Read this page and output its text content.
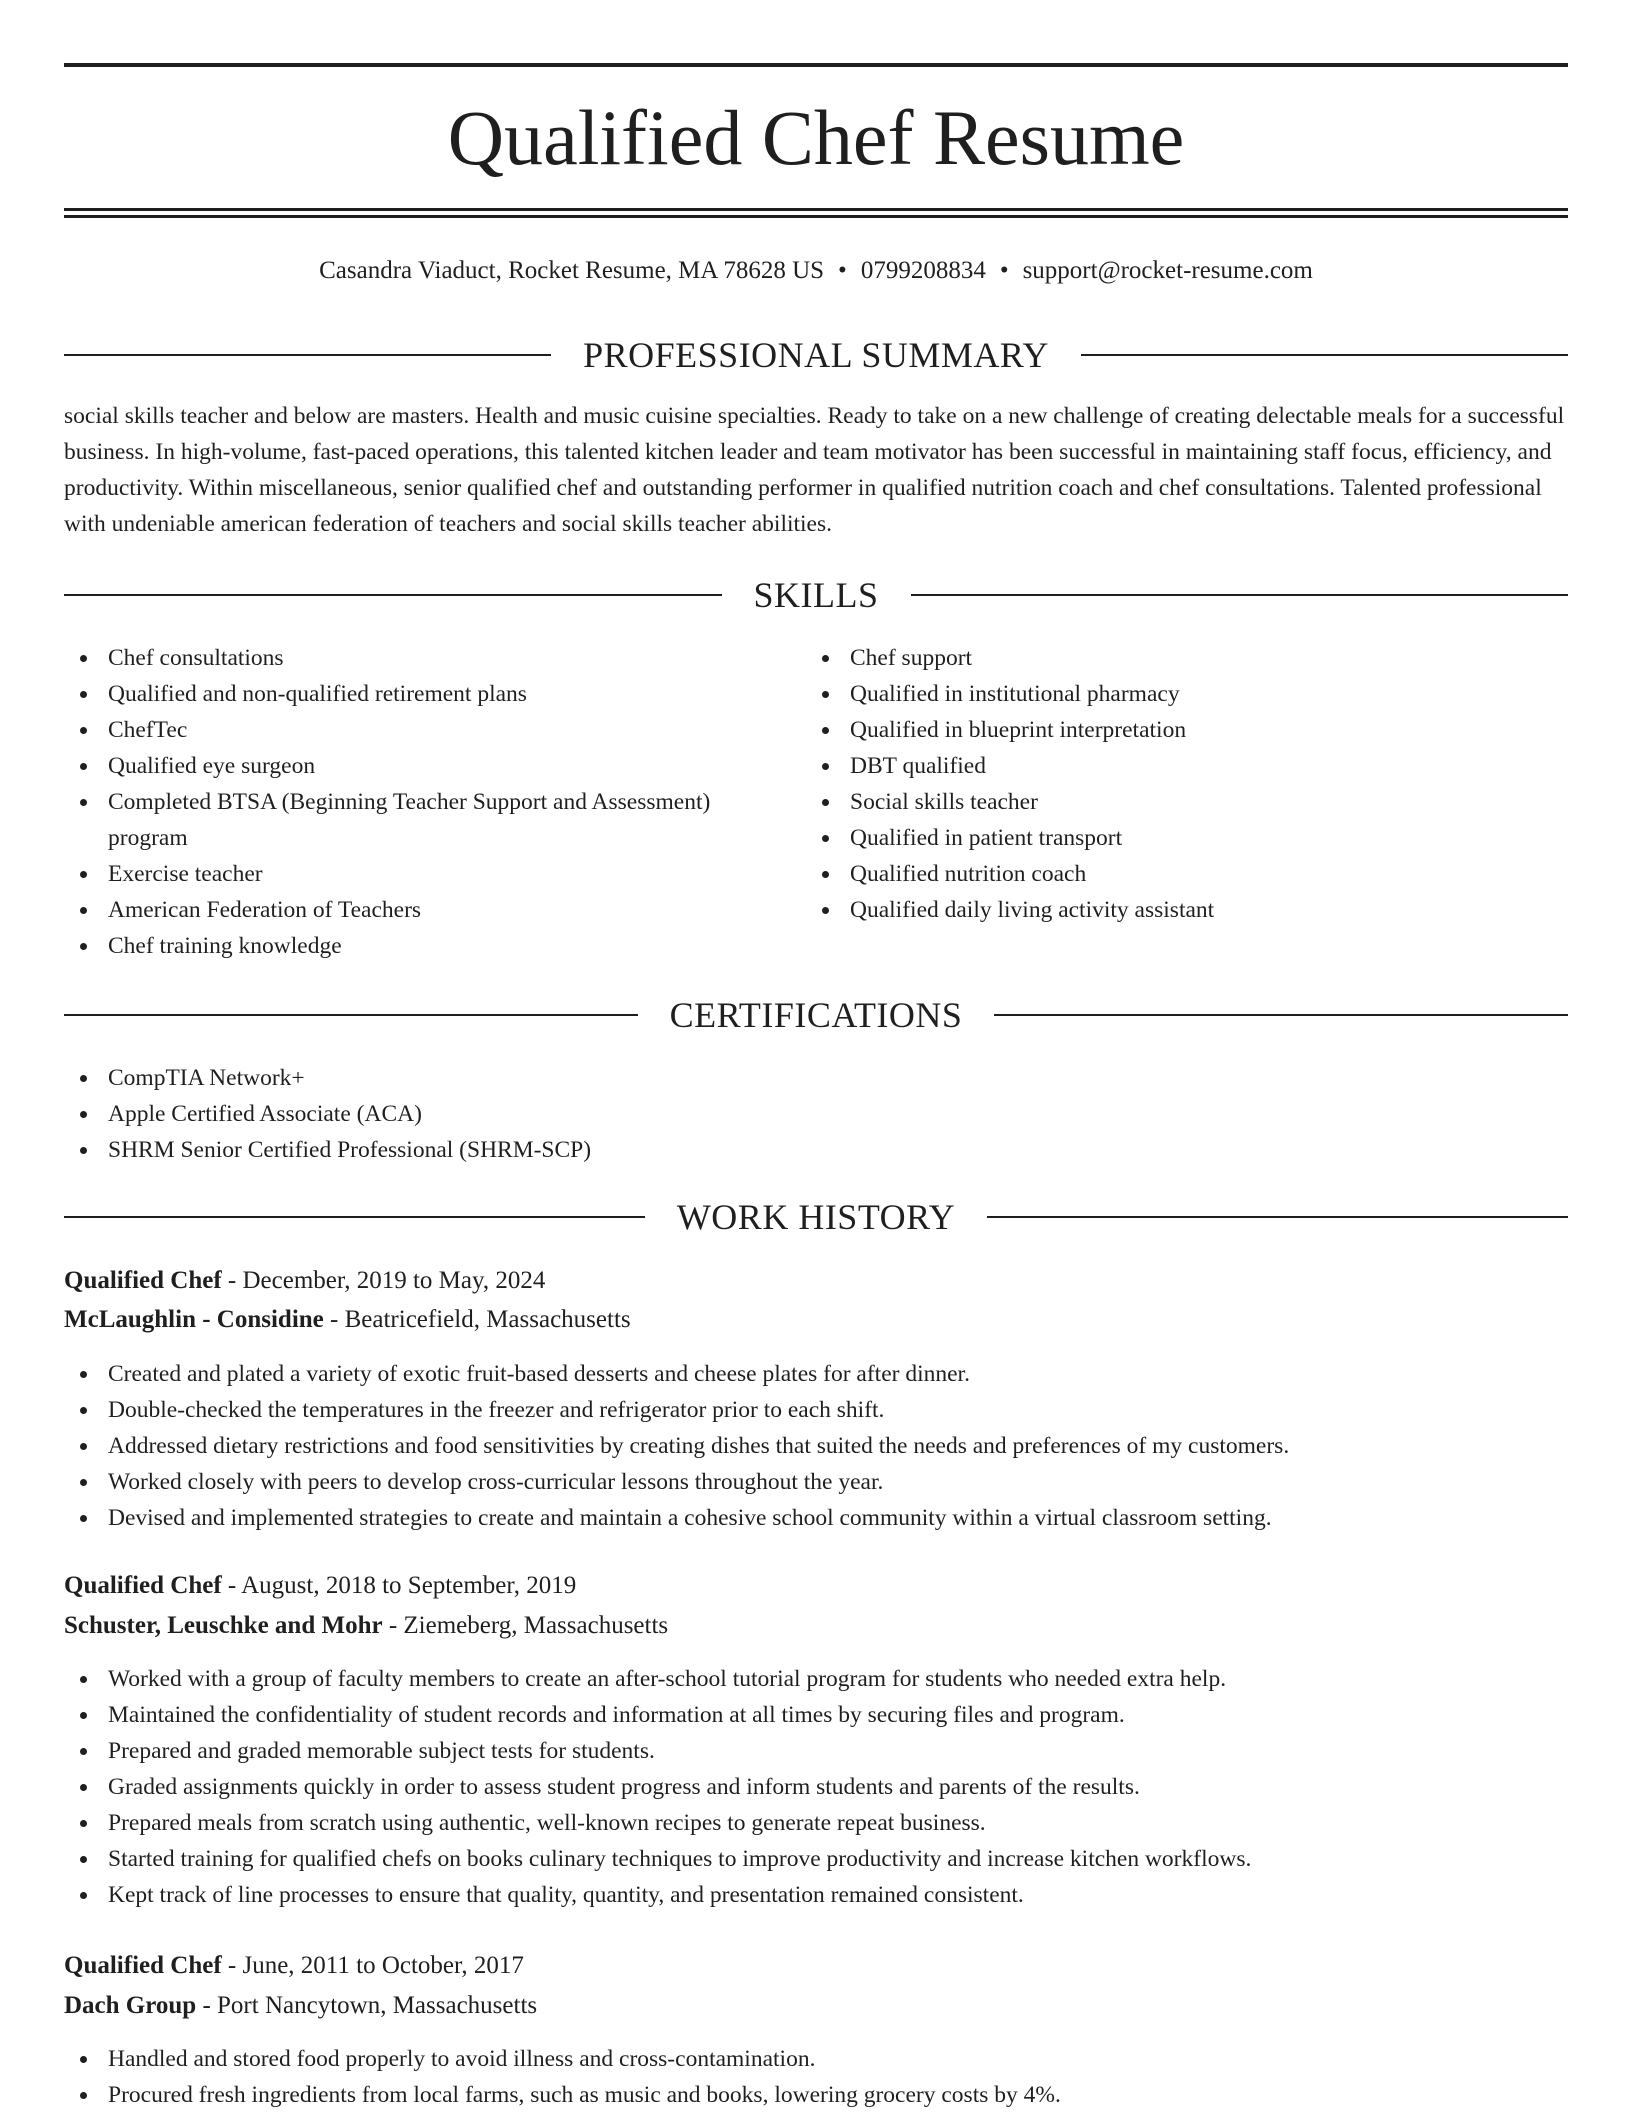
Qualified Chef Resume
Casandra Viaduct, Rocket Resume, MA 78628 US • 0799208834 • support@rocket-resume.com
PROFESSIONAL SUMMARY

social skills teacher and below are masters. Health and music cuisine specialties. Ready to take on a new challenge of creating delectable meals for a successful business. In high-volume, fast-paced operations, this talented kitchen leader and team motivator has been successful in maintaining staff focus, efficiency, and productivity. Within miscellaneous, senior qualified chef and outstanding performer in qualified nutrition coach and chef consultations. Talented professional with undeniable american federation of teachers and social skills teacher abilities.

SKILLS
Chef consultations
Qualified and non-qualified retirement plans
ChefTec
Qualified eye surgeon
Completed BTSA (Beginning Teacher Support and Assessment) program
Exercise teacher
American Federation of Teachers
Chef training knowledge
Chef support
Qualified in institutional pharmacy
Qualified in blueprint interpretation
DBT qualified
Social skills teacher
Qualified in patient transport
Qualified nutrition coach
Qualified daily living activity assistant
CERTIFICATIONS
CompTIA Network+
Apple Certified Associate (ACA)
SHRM Senior Certified Professional (SHRM-SCP)
WORK HISTORY
Qualified Chef - December, 2019 to May, 2024
McLaughlin - Considine - Beatricefield, Massachusetts
Created and plated a variety of exotic fruit-based desserts and cheese plates for after dinner.
Double-checked the temperatures in the freezer and refrigerator prior to each shift.
Addressed dietary restrictions and food sensitivities by creating dishes that suited the needs and preferences of my customers.
Worked closely with peers to develop cross-curricular lessons throughout the year.
Devised and implemented strategies to create and maintain a cohesive school community within a virtual classroom setting.
Qualified Chef - August, 2018 to September, 2019
Schuster, Leuschke and Mohr - Ziemeberg, Massachusetts
Worked with a group of faculty members to create an after-school tutorial program for students who needed extra help.
Maintained the confidentiality of student records and information at all times by securing files and program.
Prepared and graded memorable subject tests for students.
Graded assignments quickly in order to assess student progress and inform students and parents of the results.
Prepared meals from scratch using authentic, well-known recipes to generate repeat business.
Started training for qualified chefs on books culinary techniques to improve productivity and increase kitchen workflows.
Kept track of line processes to ensure that quality, quantity, and presentation remained consistent.
Qualified Chef - June, 2011 to October, 2017
Dach Group - Port Nancytown, Massachusetts
Handled and stored food properly to avoid illness and cross-contamination.
Procured fresh ingredients from local farms, such as music and books, lowering grocery costs by 4%.
